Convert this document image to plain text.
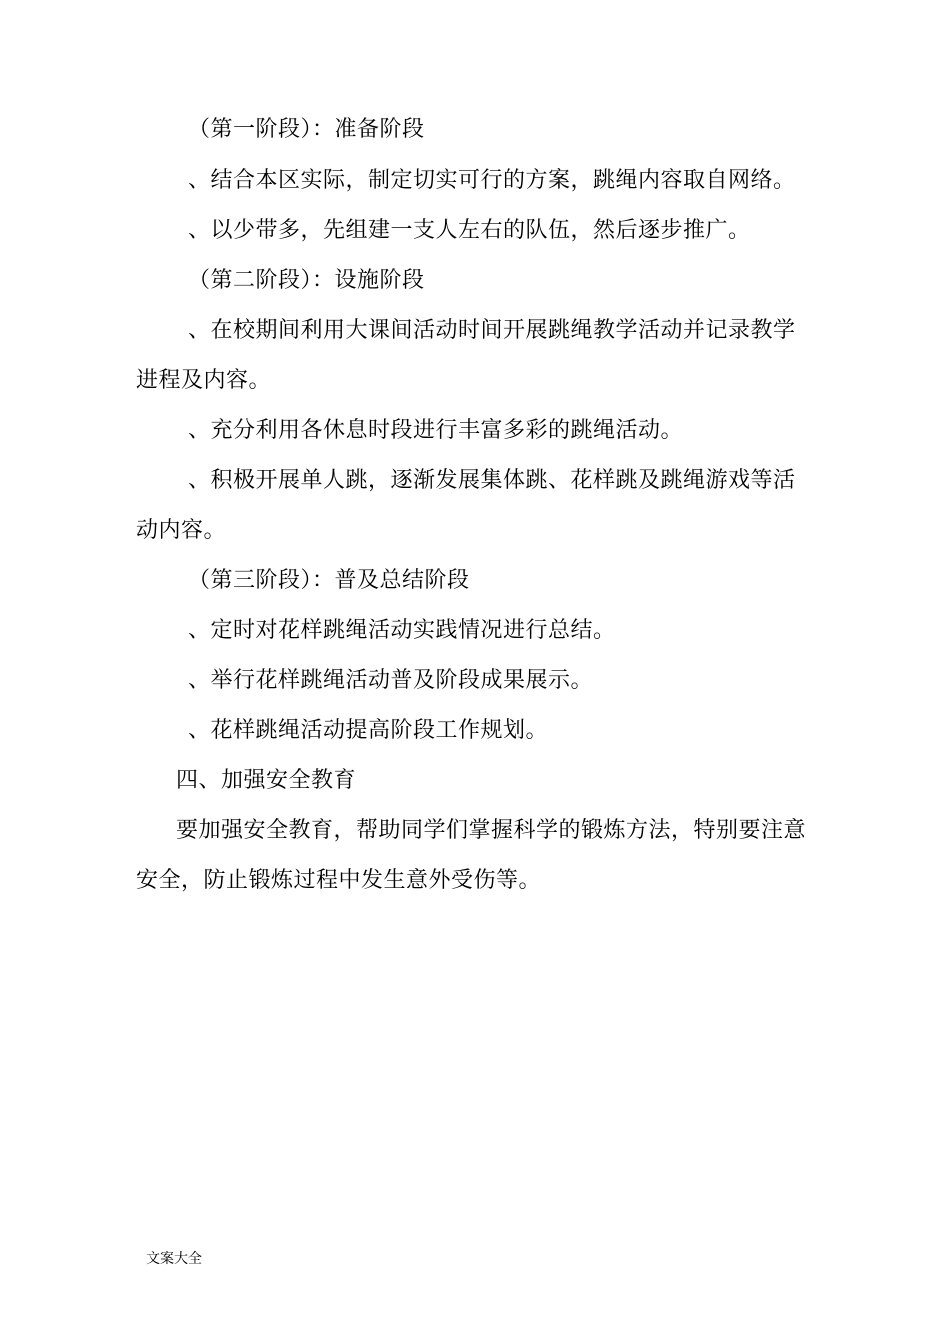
（第一阶段）：准备阶段
、结合本区实际，制定切实可行的方案，跳绳内容取自网络。
、以少带多，先组建一支人左右的队伍，然后逐步推广。
（第二阶段）：设施阶段
、在校期间利用大课间活动时间开展跳绳教学活动并记录教学
进程及内容。
、充分利用各休息时段进行丰富多彩的跳绳活动。
、积极开展单人跳，逐渐发展集体跳、花样跳及跳绳游戏等活
动内容。
（第三阶段）：普及总结阶段
、定时对花样跳绳活动实践情况进行总结。
、举行花样跳绳活动普及阶段成果展示。
、花样跳绳活动提高阶段工作规划。
四、加强安全教育
要加强安全教育，帮助同学们掌握科学的锻炼方法，特别要注意
安全，防止锻炼过程中发生意外受伤等。
文案大全
